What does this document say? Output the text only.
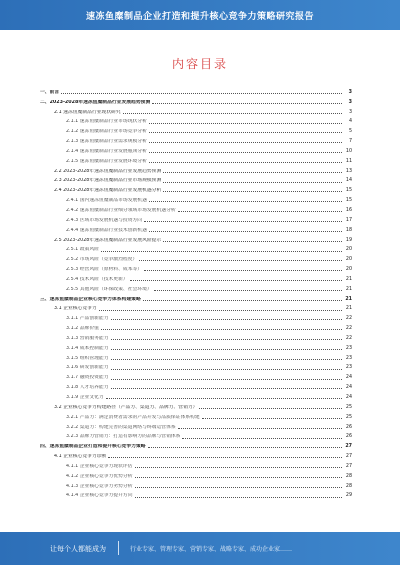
速冻鱼糜制品企业打造和提升核心竞争力策略研究报告
内容目录
一、前言	3
二、2023-2028年速冻鱼糜制品行业发展趋势预测	3
2.1 速冻鱼糜制品行业现状研究	3
2.1.1 速冻鱼糜制品行业市场现状分析	4
2.1.2 速冻鱼糜制品行业市场竞争分析	5
2.1.3 速冻鱼糜制品行业需求规模分析	7
2.1.4 速冻鱼糜制品行业发展瓶颈分析	10
2.1.5 速冻鱼糜制品行业发展环境分析	11
2.2 2023-2028年速冻鱼糜制品行业发展趋势预测	13
2.3 2023-2028年速冻鱼糜制品行业市场规模预测	14
2.4 2023-2028年速冻鱼糜制品行业发展机遇分析	15
2.4.1 国内速冻鱼糜制品市场发展机遇	15
2.4.2 速冻鱼糜制品行业细分领域市场发展机遇分析	16
2.4.3 区域市场发展机遇与投资方向	17
2.4.4 速冻鱼糜制品行业技术创新机遇	18
2.5 2023-2028年速冻鱼糜制品行业发展风险提示	19
2.5.1 政策风险	20
2.5.2 市场风险（竞争激烈程度）	20
2.5.3 经营风险（原材料、成本等）	20
2.5.4 技术风险（技术更新）	21
2.5.5 其他风险（环保政策、社会环境）	21
三、速冻鱼糜制品企业核心竞争力体系构建策略	21
3.1 企业核心竞争力	21
3.1.1 产品创新能力	22
3.1.2 品牌价值	22
3.1.3 营销服务能力	22
3.1.4 成本控制能力	23
3.1.5 组织管理能力	23
3.1.6 研发创新能力	23
3.1.7 融资投资能力	24
3.1.8 人才培养能力	24
3.1.9 企业文化力	24
3.2 企业核心竞争力构建路径（产品力、渠道力、品牌力、营销力）	25
3.2.1 产品力：满足消费者需求的产品开发与品质保证体系构建	25
3.2.2 渠道力：构建完善的渠道网络与终端运营体系	26
3.2.3 品牌力营销力：打造有影响力的品牌与营销体系	26
四、速冻鱼糜制品企业打造和提升核心竞争力策略	27
4.1 企业核心竞争力诊断	27
4.1.1 企业核心竞争力现状评估	27
4.1.2 企业核心竞争力优势分析	28
4.1.3 企业核心竞争力劣势分析	28
4.1.4 企业核心竞争力提升方向	29
让每个人都能成为	行业专家、管理专家、营销专家、战略专家、成功企业家……
